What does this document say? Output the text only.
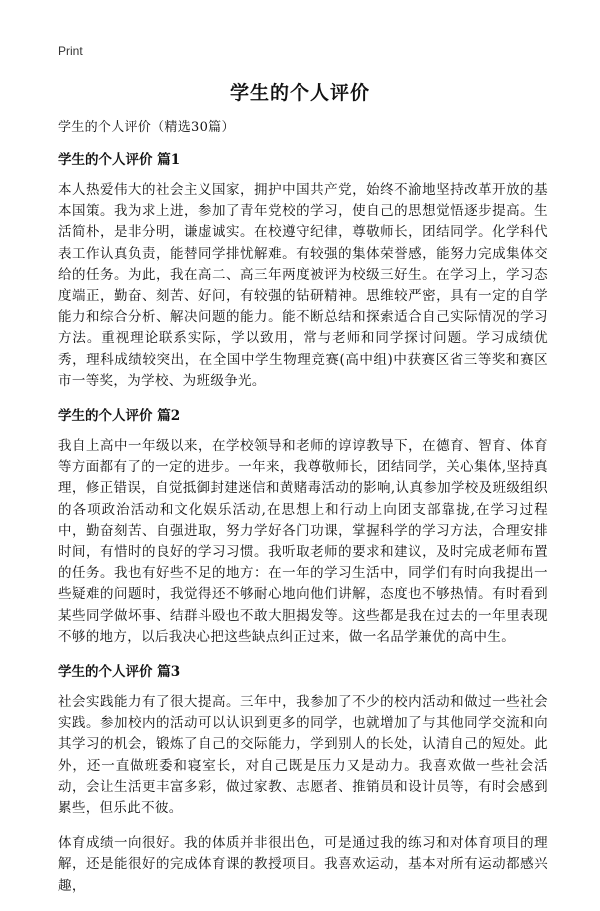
Print
学生的个人评价

学生的个人评价（精选30篇）

学生的个人评价 篇1

本人热爱伟大的社会主义国家，拥护中国共产党，始终不渝地坚持改革开放的基本国策。我为求上进，参加了青年党校的学习，使自己的思想觉悟逐步提高。生活简朴，是非分明，谦虚诚实。在校遵守纪律，尊敬师长，团结同学。化学科代表工作认真负责，能替同学排忧解难。有较强的集体荣誉感，能努力完成集体交给的任务。为此，我在高二、高三年两度被评为校级三好生。在学习上，学习态度端正，勤奋、刻苦、好问，有较强的钻研精神。思维较严密，具有一定的自学能力和综合分析、解决问题的能力。能不断总结和探索适合自己实际情况的学习方法。重视理论联系实际，学以致用，常与老师和同学探讨问题。学习成绩优秀，理科成绩较突出，在全国中学生物理竞赛(高中组)中获赛区省三等奖和赛区市一等奖，为学校、为班级争光。

学生的个人评价 篇2

我自上高中一年级以来，在学校领导和老师的谆谆教导下，在德育、智育、体育等方面都有了的一定的进步。一年来，我尊敬师长，团结同学，关心集体,坚持真理，修正错误，自觉抵御封建迷信和黄赌毒活动的影响,认真参加学校及班级组织的各项政治活动和文化娱乐活动,在思想上和行动上向团支部靠拢,在学习过程中，勤奋刻苦、自强进取，努力学好各门功课，掌握科学的学习方法，合理安排时间，有惜时的良好的学习习惯。我听取老师的要求和建议，及时完成老师布置的任务。我也有好些不足的地方：在一年的学习生活中，同学们有时向我提出一些疑难的问题时，我觉得还不够耐心地向他们讲解，态度也不够热情。有时看到某些同学做坏事、结群斗殴也不敢大胆揭发等。这些都是我在过去的一年里表现不够的地方，以后我决心把这些缺点纠正过来，做一名品学兼优的高中生。

学生的个人评价 篇3

社会实践能力有了很大提高。三年中，我参加了不少的校内活动和做过一些社会实践。参加校内的活动可以认识到更多的同学，也就增加了与其他同学交流和向其学习的机会，锻炼了自己的交际能力，学到别人的长处，认清自己的短处。此外，还一直做班委和寝室长，对自己既是压力又是动力。我喜欢做一些社会活动，会让生活更丰富多彩，做过家教、志愿者、推销员和设计员等，有时会感到累些，但乐此不彼。

体育成绩一向很好。我的体质并非很出色，可是通过我的练习和对体育项目的理解，还是能很好的完成体育课的教授项目。我喜欢运动，基本对所有运动都感兴趣，
